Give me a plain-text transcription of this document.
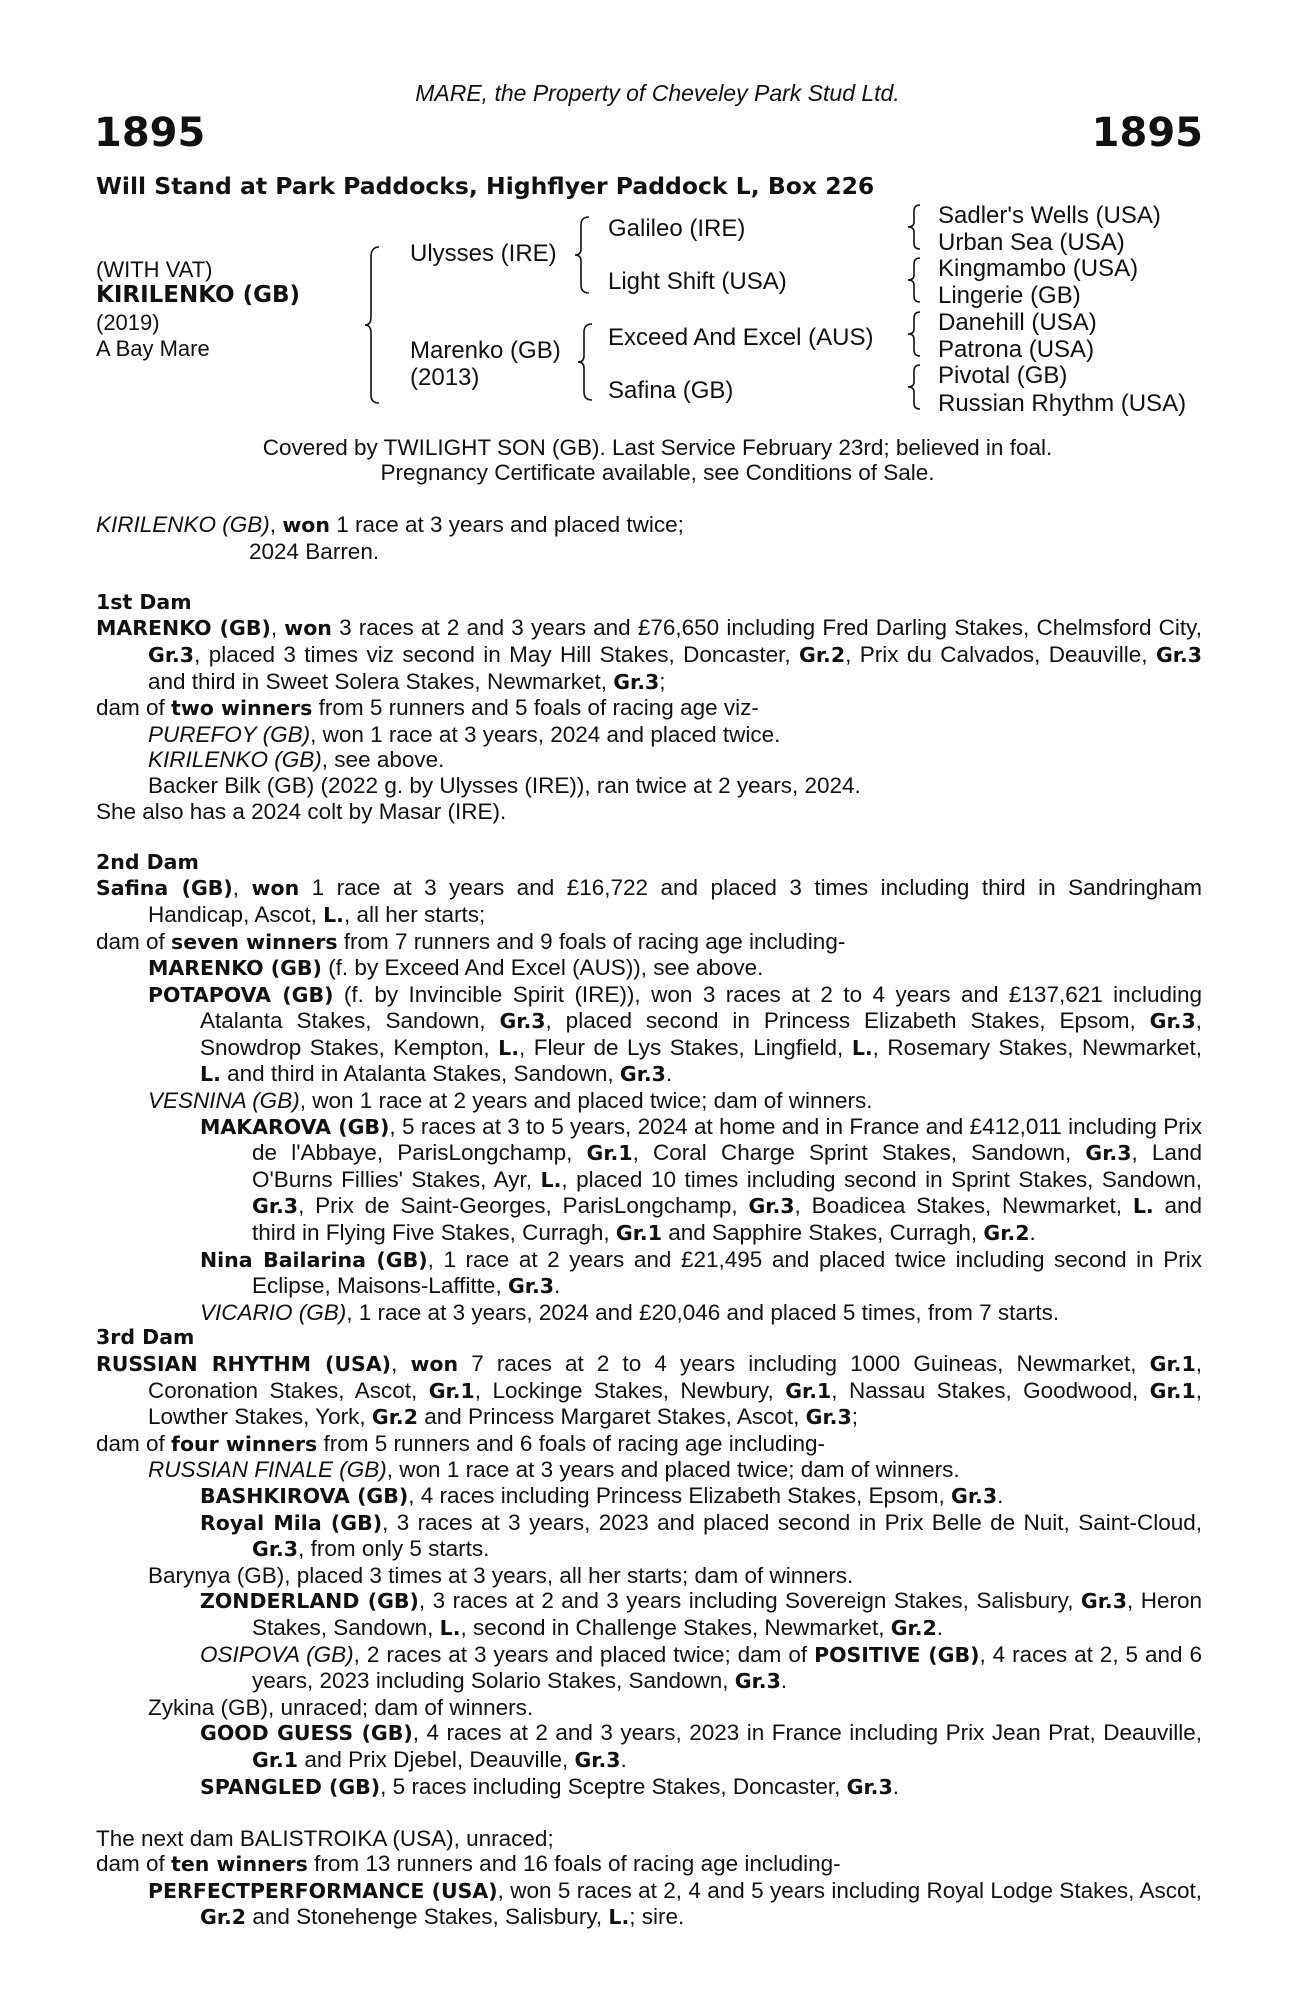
MARE, the Property of Cheveley Park Stud Ltd.
1895	1895
Will Stand at Park Paddocks, Highflyer Paddock L, Box 226
(WITH VAT)
KIRILENKO (GB)
(2019)
A Bay Mare
Ulysses (IRE)
Marenko (GB)
(2013)
Galileo (IRE)
Light Shift (USA)
Exceed And Excel (AUS)
Safina (GB)
Sadler's Wells (USA)
Urban Sea (USA)
Kingmambo (USA)
Lingerie (GB)
Danehill (USA)
Patrona (USA)
Pivotal (GB)
Russian Rhythm (USA)
Covered by TWILIGHT SON (GB). Last Service February 23rd; believed in foal.
Pregnancy Certificate available, see Conditions of Sale.
KIRILENKO (GB), won 1 race at 3 years and placed twice;
2024 Barren.
1st Dam
MARENKO (GB), won 3 races at 2 and 3 years and £76,650 including Fred Darling Stakes, Chelmsford City, Gr.3, placed 3 times viz second in May Hill Stakes, Doncaster, Gr.2, Prix du Calvados, Deauville, Gr.3 and third in Sweet Solera Stakes, Newmarket, Gr.3;
dam of two winners from 5 runners and 5 foals of racing age viz-
PUREFOY (GB), won 1 race at 3 years, 2024 and placed twice.
KIRILENKO (GB), see above.
Backer Bilk (GB) (2022 g. by Ulysses (IRE)), ran twice at 2 years, 2024.
She also has a 2024 colt by Masar (IRE).
2nd Dam
Safina (GB), won 1 race at 3 years and £16,722 and placed 3 times including third in Sandringham Handicap, Ascot, L., all her starts;
dam of seven winners from 7 runners and 9 foals of racing age including-
MARENKO (GB) (f. by Exceed And Excel (AUS)), see above.
POTAPOVA (GB) (f. by Invincible Spirit (IRE)), won 3 races at 2 to 4 years and £137,621 including Atalanta Stakes, Sandown, Gr.3, placed second in Princess Elizabeth Stakes, Epsom, Gr.3, Snowdrop Stakes, Kempton, L., Fleur de Lys Stakes, Lingfield, L., Rosemary Stakes, Newmarket, L. and third in Atalanta Stakes, Sandown, Gr.3.
VESNINA (GB), won 1 race at 2 years and placed twice; dam of winners.
MAKAROVA (GB), 5 races at 3 to 5 years, 2024 at home and in France and £412,011 including Prix de l'Abbaye, ParisLongchamp, Gr.1, Coral Charge Sprint Stakes, Sandown, Gr.3, Land O'Burns Fillies' Stakes, Ayr, L., placed 10 times including second in Sprint Stakes, Sandown, Gr.3, Prix de Saint-Georges, ParisLongchamp, Gr.3, Boadicea Stakes, Newmarket, L. and third in Flying Five Stakes, Curragh, Gr.1 and Sapphire Stakes, Curragh, Gr.2.
Nina Bailarina (GB), 1 race at 2 years and £21,495 and placed twice including second in Prix Eclipse, Maisons-Laffitte, Gr.3.
VICARIO (GB), 1 race at 3 years, 2024 and £20,046 and placed 5 times, from 7 starts.
3rd Dam
RUSSIAN RHYTHM (USA), won 7 races at 2 to 4 years including 1000 Guineas, Newmarket, Gr.1, Coronation Stakes, Ascot, Gr.1, Lockinge Stakes, Newbury, Gr.1, Nassau Stakes, Goodwood, Gr.1, Lowther Stakes, York, Gr.2 and Princess Margaret Stakes, Ascot, Gr.3;
dam of four winners from 5 runners and 6 foals of racing age including-
RUSSIAN FINALE (GB), won 1 race at 3 years and placed twice; dam of winners.
BASHKIROVA (GB), 4 races including Princess Elizabeth Stakes, Epsom, Gr.3.
Royal Mila (GB), 3 races at 3 years, 2023 and placed second in Prix Belle de Nuit, Saint-Cloud, Gr.3, from only 5 starts.
Barynya (GB), placed 3 times at 3 years, all her starts; dam of winners.
ZONDERLAND (GB), 3 races at 2 and 3 years including Sovereign Stakes, Salisbury, Gr.3, Heron Stakes, Sandown, L., second in Challenge Stakes, Newmarket, Gr.2.
OSIPOVA (GB), 2 races at 3 years and placed twice; dam of POSITIVE (GB), 4 races at 2, 5 and 6 years, 2023 including Solario Stakes, Sandown, Gr.3.
Zykina (GB), unraced; dam of winners.
GOOD GUESS (GB), 4 races at 2 and 3 years, 2023 in France including Prix Jean Prat, Deauville, Gr.1 and Prix Djebel, Deauville, Gr.3.
SPANGLED (GB), 5 races including Sceptre Stakes, Doncaster, Gr.3.
The next dam BALISTROIKA (USA), unraced;
dam of ten winners from 13 runners and 16 foals of racing age including-
PERFECTPERFORMANCE (USA), won 5 races at 2, 4 and 5 years including Royal Lodge Stakes, Ascot, Gr.2 and Stonehenge Stakes, Salisbury, L.; sire.
